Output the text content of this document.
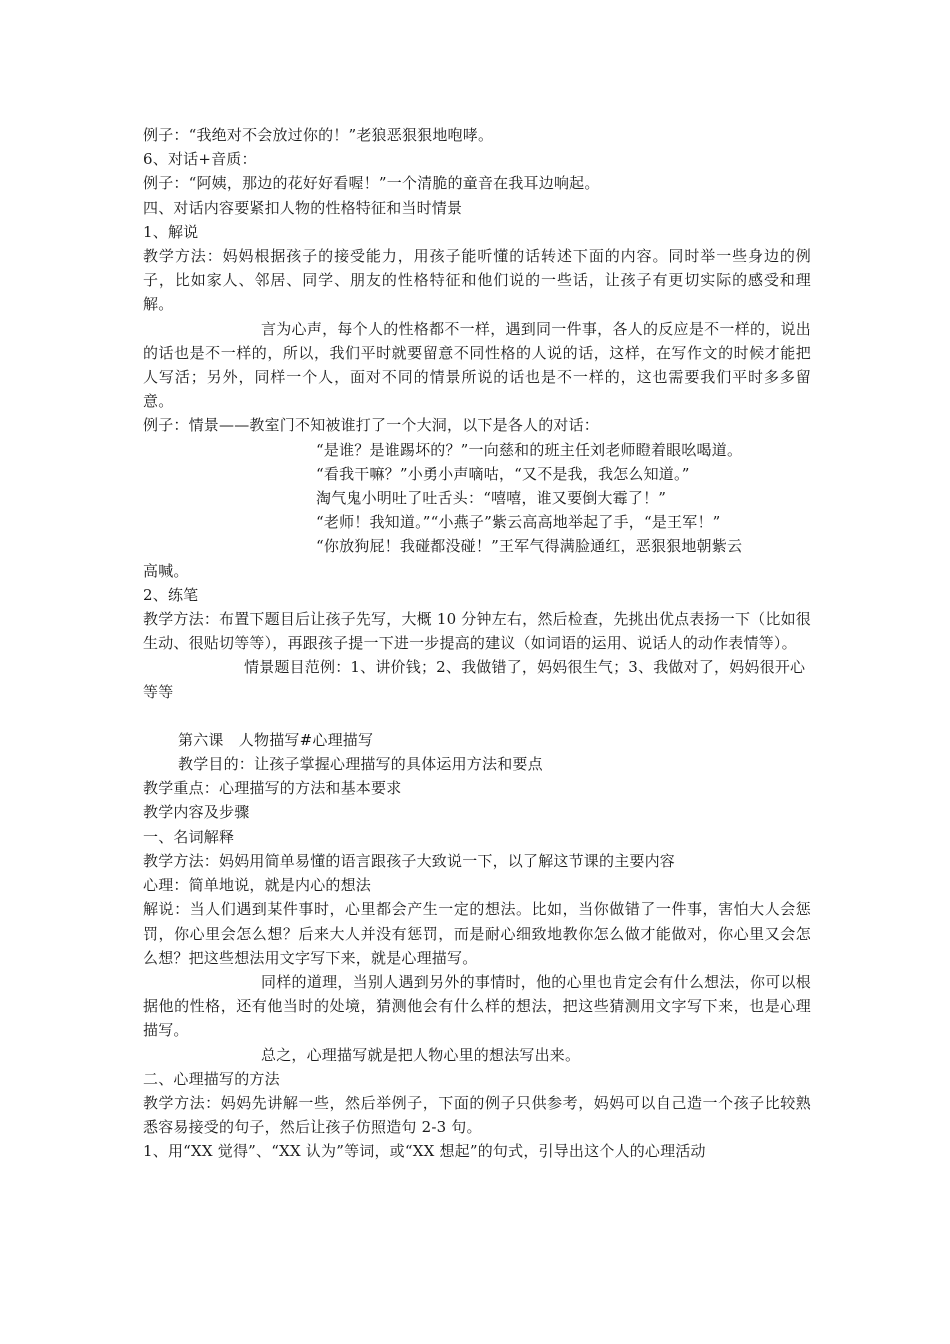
例子：“我绝对不会放过你的！”老狼恶狠狠地咆哮。
6、对话+音质：
例子：“阿姨，那边的花好好看喔！”一个清脆的童音在我耳边响起。
四、对话内容要紧扣人物的性格特征和当时情景
1、解说
教学方法：妈妈根据孩子的接受能力，用孩子能听懂的话转述下面的内容。同时举一些身边的例子，比如家人、邻居、同学、朋友的性格特征和他们说的一些话，让孩子有更切实际的感受和理解。
言为心声，每个人的性格都不一样，遇到同一件事，各人的反应是不一样的，说出的话也是不一样的，所以，我们平时就要留意不同性格的人说的话，这样，在写作文的时候才能把人写活；另外，同样一个人，面对不同的情景所说的话也是不一样的，这也需要我们平时多多留意。
例子：情景——教室门不知被谁打了一个大洞，以下是各人的对话：
“是谁？是谁踢坏的？”一向慈和的班主任刘老师瞪着眼吆喝道。
“看我干嘛？”小勇小声嘀咕，“又不是我，我怎么知道。”
淘气鬼小明吐了吐舌头：“嘻嘻，谁又要倒大霉了！”
“老师！我知道。”“小燕子”紫云高高地举起了手，“是王军！”
“你放狗屁！我碰都没碰！”王军气得满脸通红，恶狠狠地朝紫云
高喊。
2、练笔
教学方法：布置下题目后让孩子先写，大概 10 分钟左右，然后检查，先挑出优点表扬一下（比如很生动、很贴切等等），再跟孩子提一下进一步提高的建议（如词语的运用、说话人的动作表情等）。
情景题目范例：1、讲价钱；2、我做错了，妈妈很生气；3、我做对了，妈妈很开心
等等
第六课　人物描写#心理描写
教学目的：让孩子掌握心理描写的具体运用方法和要点
教学重点：心理描写的方法和基本要求
教学内容及步骤
一、名词解释
教学方法：妈妈用简单易懂的语言跟孩子大致说一下，以了解这节课的主要内容
心理：简单地说，就是内心的想法
解说：当人们遇到某件事时，心里都会产生一定的想法。比如，当你做错了一件事，害怕大人会惩罚，你心里会怎么想？后来大人并没有惩罚，而是耐心细致地教你怎么做才能做对，你心里又会怎么想？把这些想法用文字写下来，就是心理描写。
同样的道理，当别人遇到另外的事情时，他的心里也肯定会有什么想法，你可以根据他的性格，还有他当时的处境，猜测他会有什么样的想法，把这些猜测用文字写下来，也是心理描写。
总之，心理描写就是把人物心里的想法写出来。
二、心理描写的方法
教学方法：妈妈先讲解一些，然后举例子，下面的例子只供参考，妈妈可以自己造一个孩子比较熟悉容易接受的句子，然后让孩子仿照造句 2-3 句。
1、用“XX 觉得”、“XX 认为”等词，或“XX 想起”的句式，引导出这个人的心理活动
